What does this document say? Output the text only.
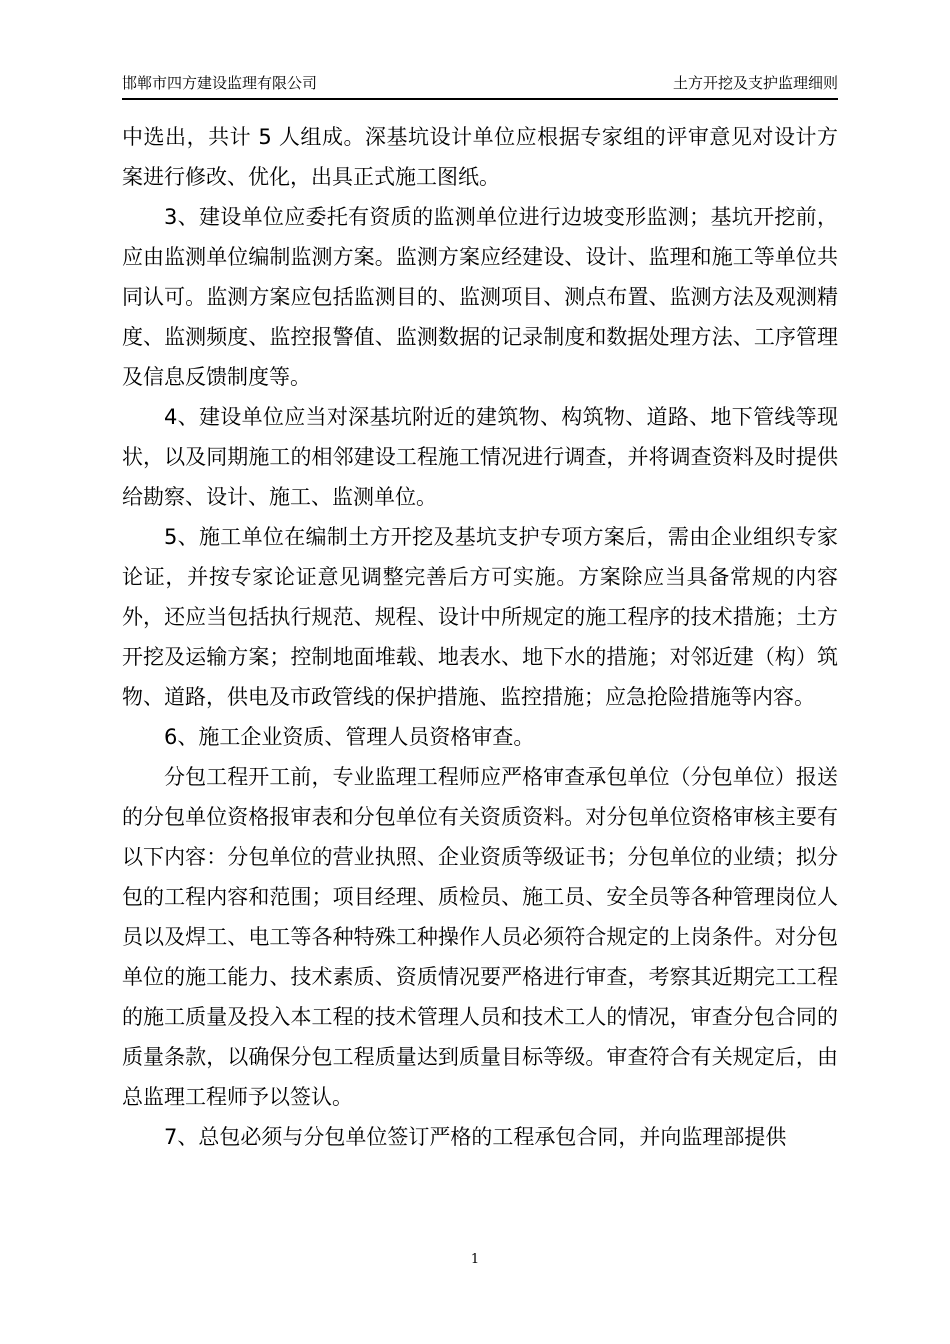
邯郸市四方建设监理有限公司	土方开挖及支护监理细则

中选出，共计 5 人组成。深基坑设计单位应根据专家组的评审意见对设计方案进行修改、优化，出具正式施工图纸。

3、建设单位应委托有资质的监测单位进行边坡变形监测；基坑开挖前，应由监测单位编制监测方案。监测方案应经建设、设计、监理和施工等单位共同认可。监测方案应包括监测目的、监测项目、测点布置、监测方法及观测精度、监测频度、监控报警值、监测数据的记录制度和数据处理方法、工序管理及信息反馈制度等。

4、建设单位应当对深基坑附近的建筑物、构筑物、道路、地下管线等现状，以及同期施工的相邻建设工程施工情况进行调查，并将调查资料及时提供给勘察、设计、施工、监测单位。

5、施工单位在编制土方开挖及基坑支护专项方案后，需由企业组织专家论证，并按专家论证意见调整完善后方可实施。方案除应当具备常规的内容外，还应当包括执行规范、规程、设计中所规定的施工程序的技术措施；土方开挖及运输方案；控制地面堆载、地表水、地下水的措施；对邻近建（构）筑物、道路，供电及市政管线的保护措施、监控措施；应急抢险措施等内容。

6、施工企业资质、管理人员资格审查。

分包工程开工前，专业监理工程师应严格审查承包单位（分包单位）报送的分包单位资格报审表和分包单位有关资质资料。对分包单位资格审核主要有以下内容：分包单位的营业执照、企业资质等级证书；分包单位的业绩；拟分包的工程内容和范围；项目经理、质检员、施工员、安全员等各种管理岗位人员以及焊工、电工等各种特殊工种操作人员必须符合规定的上岗条件。对分包单位的施工能力、技术素质、资质情况要严格进行审查，考察其近期完工工程的施工质量及投入本工程的技术管理人员和技术工人的情况，审查分包合同的质量条款，以确保分包工程质量达到质量目标等级。审查符合有关规定后，由总监理工程师予以签认。

7、总包必须与分包单位签订严格的工程承包合同，并向监理部提供

1
